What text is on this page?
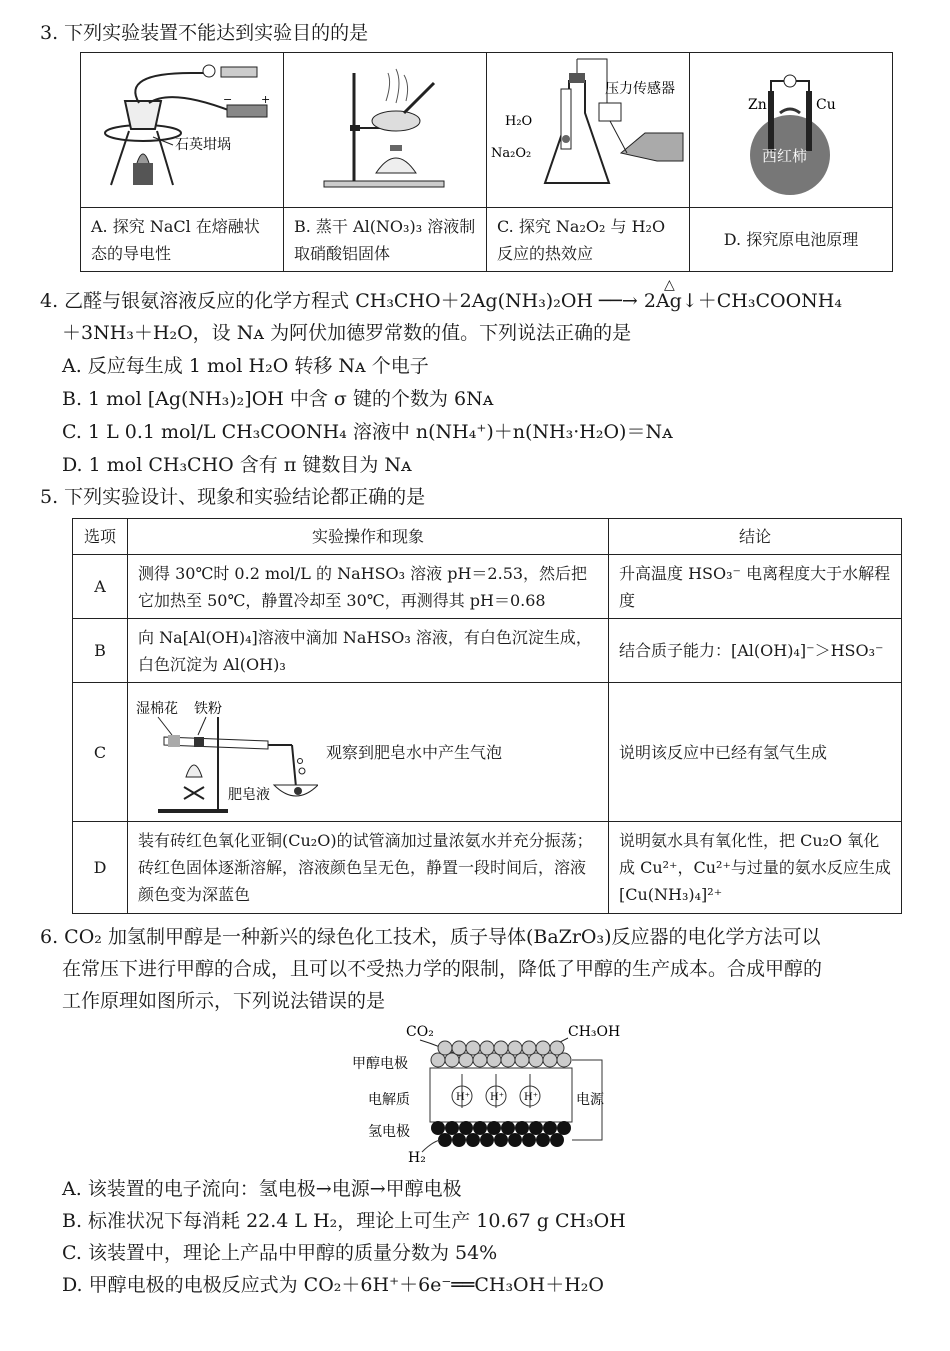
3. 下列实验装置不能达到实验目的的是
+
−
石英坩埚		压力传感器
H₂O
Na₂O₂	Zn Cu
西红柿

A. 探究 NaCl 在熔融状态的导电性	B. 蒸干 Al(NO₃)₃ 溶液制取硝酸铝固体	C. 探究 Na₂O₂ 与 H₂O 反应的热效应	D. 探究原电池原理
4. 乙醛与银氨溶液反应的化学方程式 CH₃CHO＋2Ag(NH₃)₂OH ──→ 2Ag↓＋CH₃COONH₄
△
＋3NH₃＋H₂O，设 Nᴀ 为阿伏加德罗常数的值。下列说法正确的是
A. 反应每生成 1 mol H₂O 转移 Nᴀ 个电子
B. 1 mol [Ag(NH₃)₂]OH 中含 σ 键的个数为 6Nᴀ
C. 1 L 0.1 mol/L CH₃COONH₄ 溶液中 n(NH₄⁺)＋n(NH₃·H₂O)＝Nᴀ
D. 1 mol CH₃CHO 含有 π 键数目为 Nᴀ
5. 下列实验设计、现象和实验结论都正确的是
选项	实验操作和现象	结论
A	测得 30℃时 0.2 mol/L 的 NaHSO₃ 溶液 pH＝2.53，然后把它加热至 50℃，静置冷却至 30℃，再测得其 pH＝0.68	升高温度 HSO₃⁻ 电离程度大于水解程度
B	向 Na[Al(OH)₄]溶液中滴加 NaHSO₃ 溶液，有白色沉淀生成，白色沉淀为 Al(OH)₃	结合质子能力：[Al(OH)₄]⁻＞HSO₃⁻
C	湿棉花 铁粉
肥皂液
观察到肥皂水中产生气泡	说明该反应中已经有氢气生成
D	装有砖红色氧化亚铜(Cu₂O)的试管滴加过量浓氨水并充分振荡；砖红色固体逐渐溶解，溶液颜色呈无色，静置一段时间后，溶液颜色变为深蓝色	说明氨水具有氧化性，把 Cu₂O 氧化成 Cu²⁺，Cu²⁺与过量的氨水反应生成[Cu(NH₃)₄]²⁺
6. CO₂ 加氢制甲醇是一种新兴的绿色化工技术，质子导体(BaZrO₃)反应器的电化学方法可以
在常压下进行甲醇的合成，且可以不受热力学的限制，降低了甲醇的生产成本。合成甲醇的
工作原理如图所示，下列说法错误的是
CO₂	CH₃OH
甲醇电极
电解质
氢电极
H₂
电源
H⁺ H⁺ H⁺
A. 该装置的电子流向：氢电极→电源→甲醇电极
B. 标准状况下每消耗 22.4 L H₂，理论上可生产 10.67 g CH₃OH
C. 该装置中，理论上产品中甲醇的质量分数为 54%
D. 甲醇电极的电极反应式为 CO₂＋6H⁺＋6e⁻══CH₃OH＋H₂O
